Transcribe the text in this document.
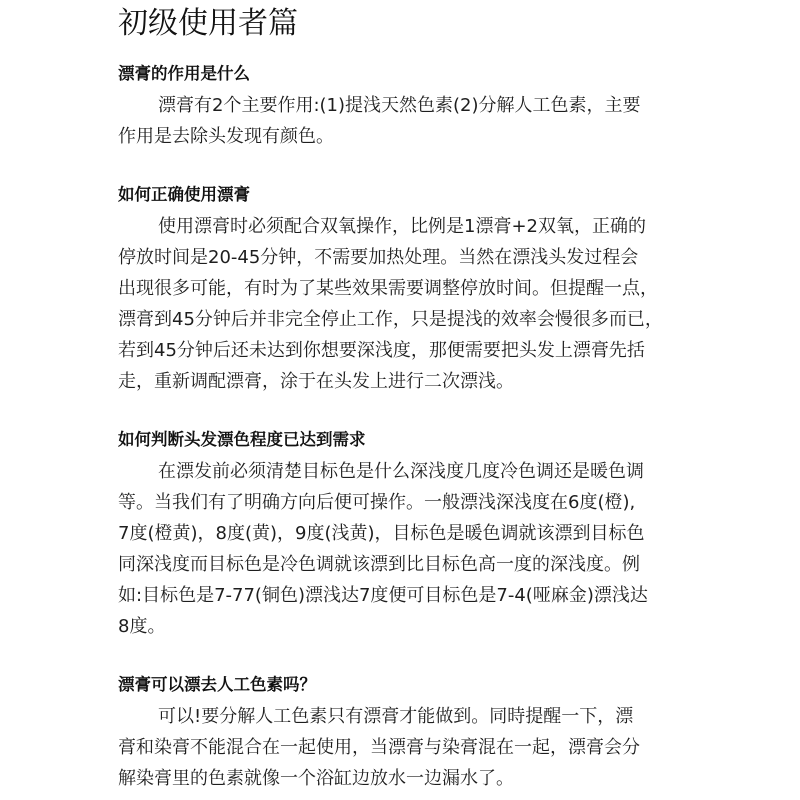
初级使用者篇
漂膏的作用是什么
漂膏有2个主要作用:(1)提浅天然色素(2)分解人工色素，主要
作用是去除头发现有颜色。
如何正确使用漂膏
使用漂膏时必须配合双氧操作，比例是1漂膏+2双氧，正确的
停放时间是20-45分钟，不需要加热处理。当然在漂浅头发过程会
出现很多可能，有时为了某些效果需要调整停放时间。但提醒一点，
漂膏到45分钟后并非完全停止工作，只是提浅的效率会慢很多而已，
若到45分钟后还未达到你想要深浅度，那便需要把头发上漂膏先括
走，重新调配漂膏，涂于在头发上进行二次漂浅。
如何判断头发漂色程度已达到需求
在漂发前必须清楚目标色是什么深浅度几度冷色调还是暖色调
等。当我们有了明确方向后便可操作。一般漂浅深浅度在6度(橙),
7度(橙黄)，8度(黄)，9度(浅黄)，目标色是暖色调就该漂到目标色
同深浅度而目标色是冷色调就该漂到比目标色高一度的深浅度。例
如:目标色是7-77(铜色)漂浅达7度便可目标色是7-4(哑麻金)漂浅达
8度。
漂膏可以漂去人工色素吗？
可以!要分解人工色素只有漂膏才能做到。同時提醒一下，漂
膏和染膏不能混合在一起使用，当漂膏与染膏混在一起，漂膏会分
解染膏里的色素就像一个浴缸边放水一边漏水了。
